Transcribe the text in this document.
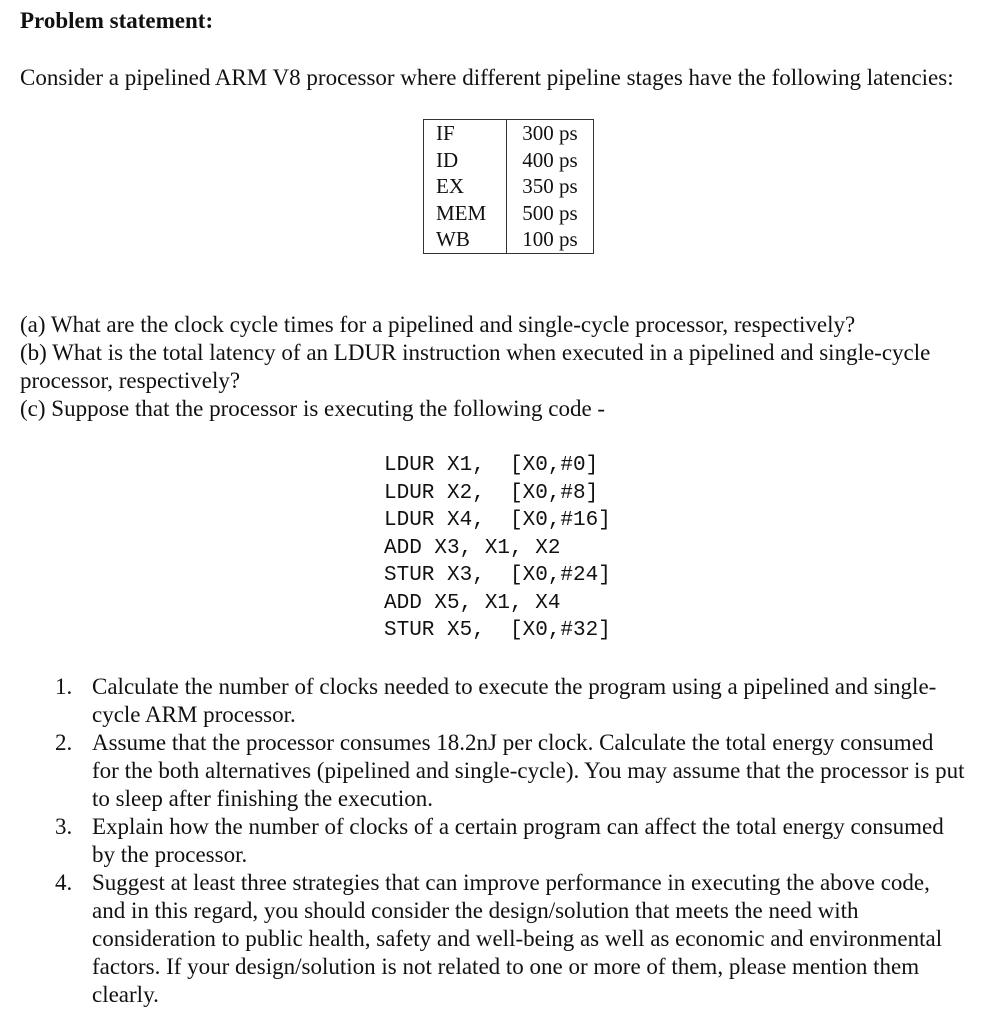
Problem statement:

Consider a pipelined ARM V8 processor where different pipeline stages have the following latencies:

IF	300 ps
ID	400 ps
EX	350 ps
MEM	500 ps
WB	100 ps

(a) What are the clock cycle times for a pipelined and single-cycle processor, respectively?

(b) What is the total latency of an LDUR instruction when executed in a pipelined and single-cycle processor, respectively?

(c) Suppose that the processor is executing the following code -

LDUR X1,  [X0,#0]
LDUR X2,  [X0,#8]
LDUR X4,  [X0,#16]
ADD X3, X1, X2
STUR X3,  [X0,#24]
ADD X5, X1, X4
STUR X5,  [X0,#32]
1. Calculate the number of clocks needed to execute the program using a pipelined and single-cycle ARM processor.
2. Assume that the processor consumes 18.2nJ per clock. Calculate the total energy consumed for the both alternatives (pipelined and single-cycle). You may assume that the processor is put to sleep after finishing the execution.
3. Explain how the number of clocks of a certain program can affect the total energy consumed by the processor.
4. Suggest at least three strategies that can improve performance in executing the above code, and in this regard, you should consider the design/solution that meets the need with consideration to public health, safety and well-being as well as economic and environmental factors. If your design/solution is not related to one or more of them, please mention them clearly.
